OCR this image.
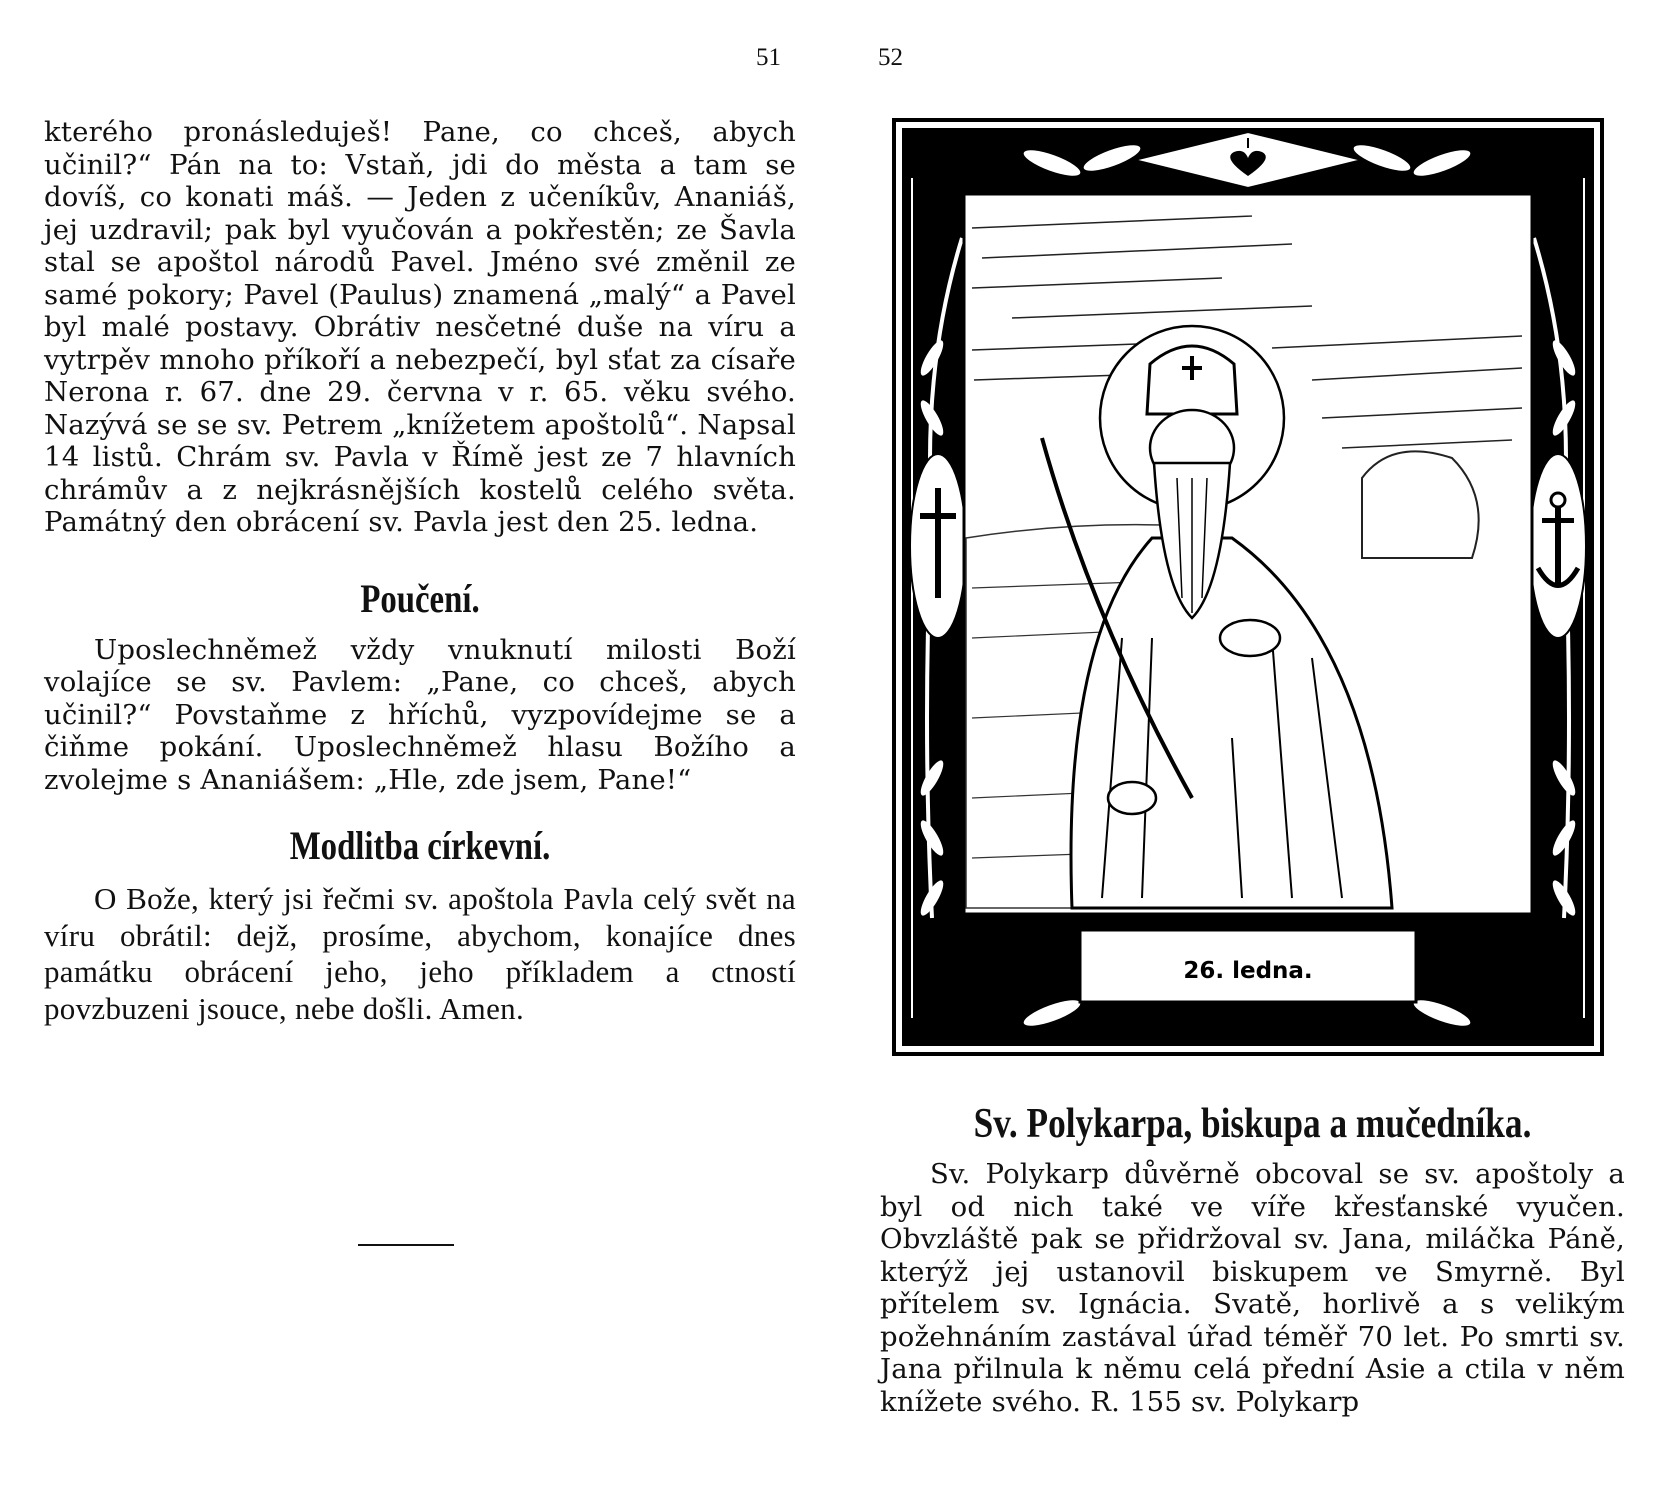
51	52

kterého pronásleduješ! Pane, co chceš, abych učinil?“ Pán na to: Vstaň, jdi do města a tam se dovíš, co konati máš. — Jeden z učeníkův, Ananiáš, jej uzdravil; pak byl vyučován a pokřestěn; ze Šavla stal se apoštol národů Pavel. Jméno své změnil ze samé pokory; Pavel (Paulus) znamená „malý“ a Pavel byl malé postavy. Obrátiv nesčetné duše na víru a vytrpěv mnoho příkoří a nebezpečí, byl sťat za císaře Nerona r. 67. dne 29. června v r. 65. věku svého. Nazývá se se sv. Petrem „knížetem apoštolů“. Napsal 14 listů. Chrám sv. Pavla v Římě jest ze 7 hlavních chrámův a z nejkrásnějších kostelů celého světa. Památný den obrácení sv. Pavla jest den 25. ledna.

Poučení.

Uposlechněmež vždy vnuknutí milosti Boží volajíce se sv. Pavlem: „Pane, co chceš, abych učinil?“ Povstaňme z hříchů, vyzpovídejme se a čiňme pokání. Uposlechněmež hlasu Božího a zvolejme s Ananiášem: „Hle, zde jsem, Pane!“

Modlitba církevní.

O Bože, který jsi řečmi sv. apoštola Pavla celý svět na víru obrátil: dejž, prosíme, abychom, konajíce dnes památku obrácení jeho, jeho příkladem a ctností povzbuzeni jsouce, nebe došli. Amen.

26. ledna.
Sv. Polykarpa, biskupa a mučedníka.

Sv. Polykarp důvěrně obcoval se sv. apoštoly a byl od nich také ve víře křesťanské vyučen. Obvzláště pak se přidržoval sv. Jana, miláčka Páně, kterýž jej ustanovil biskupem ve Smyrně. Byl přítelem sv. Ignácia. Svatě, horlivě a s velikým požehnáním zastával úřad téměř 70 let. Po smrti sv. Jana přilnula k němu celá přední Asie a ctila v něm knížete svého. R. 155 sv. Polykarp
